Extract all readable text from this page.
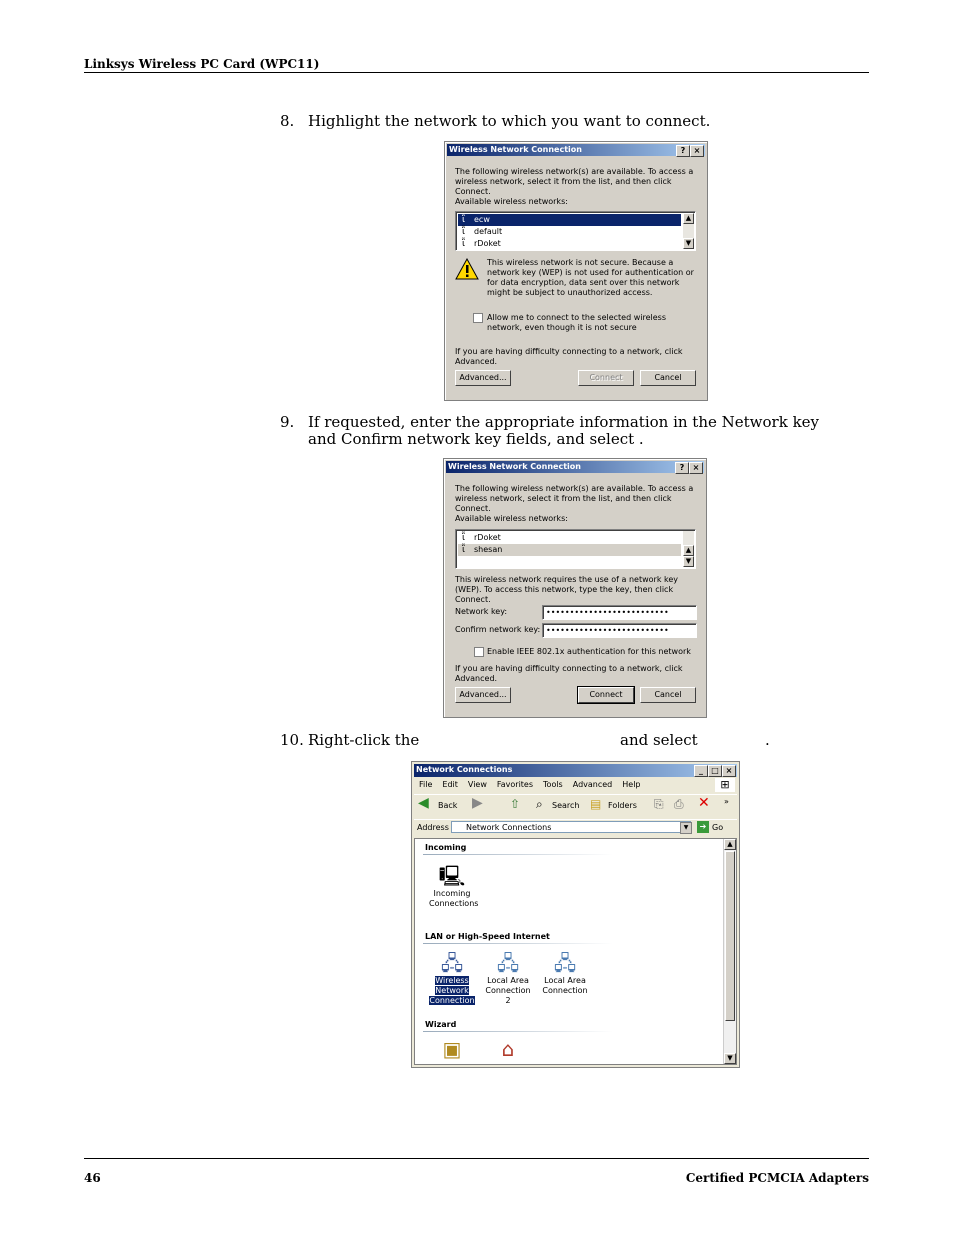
Linksys Wireless PC Card (WPC11)
8. Highlight the network to which you want to connect.
Wireless Network Connection	?	×
The following wireless network(s) are available. To access a wireless network, select it from the list, and then click Connect.
Available wireless networks:
ῗ ecw
ῗ default
ῗ rDoket
▲
▼
This wireless network is not secure. Because a network key (WEP) is not used for authentication or for data encryption, data sent over this network might be subject to unauthorized access.
Allow me to connect to the selected wireless network, even though it is not secure
If you are having difficulty connecting to a network, click Advanced.
Advanced...	Connect	Cancel
9. If requested, enter the appropriate information in the Network key and Confirm network key fields, and select .
Wireless Network Connection	?	×
The following wireless network(s) are available. To access a wireless network, select it from the list, and then click Connect.
Available wireless networks:
ῗ rDoket
ῗ shesan	▲
▼
This wireless network requires the use of a network key (WEP). To access this network, type the key, then click Connect.
Network key:	••••••••••••••••••••••••••
Confirm network key: ••••••••••••••••••••••••••
Enable IEEE 802.1x authentication for this network
If you are having difficulty connecting to a network, click Advanced.
Advanced...	Connect	Cancel
10. Right-click the	and select	.
Network Connections	_	□ ×
File Edit View Favorites Tools Advanced Help	⊞
◀ Back ▶ ⇧ ⌕ Search ▤ Folders ⎘ ⎙ ✕ »
Address	Network Connections	▼	➔ Go
Incoming
🖳
Incoming Connections
LAN or High-Speed Internet
🖧
Wireless Network Connection
🖧
Local Area Connection 2
🖧
Local Area Connection
Wizard
▣	⌂
▲
▼
46	Certified PCMCIA Adapters
